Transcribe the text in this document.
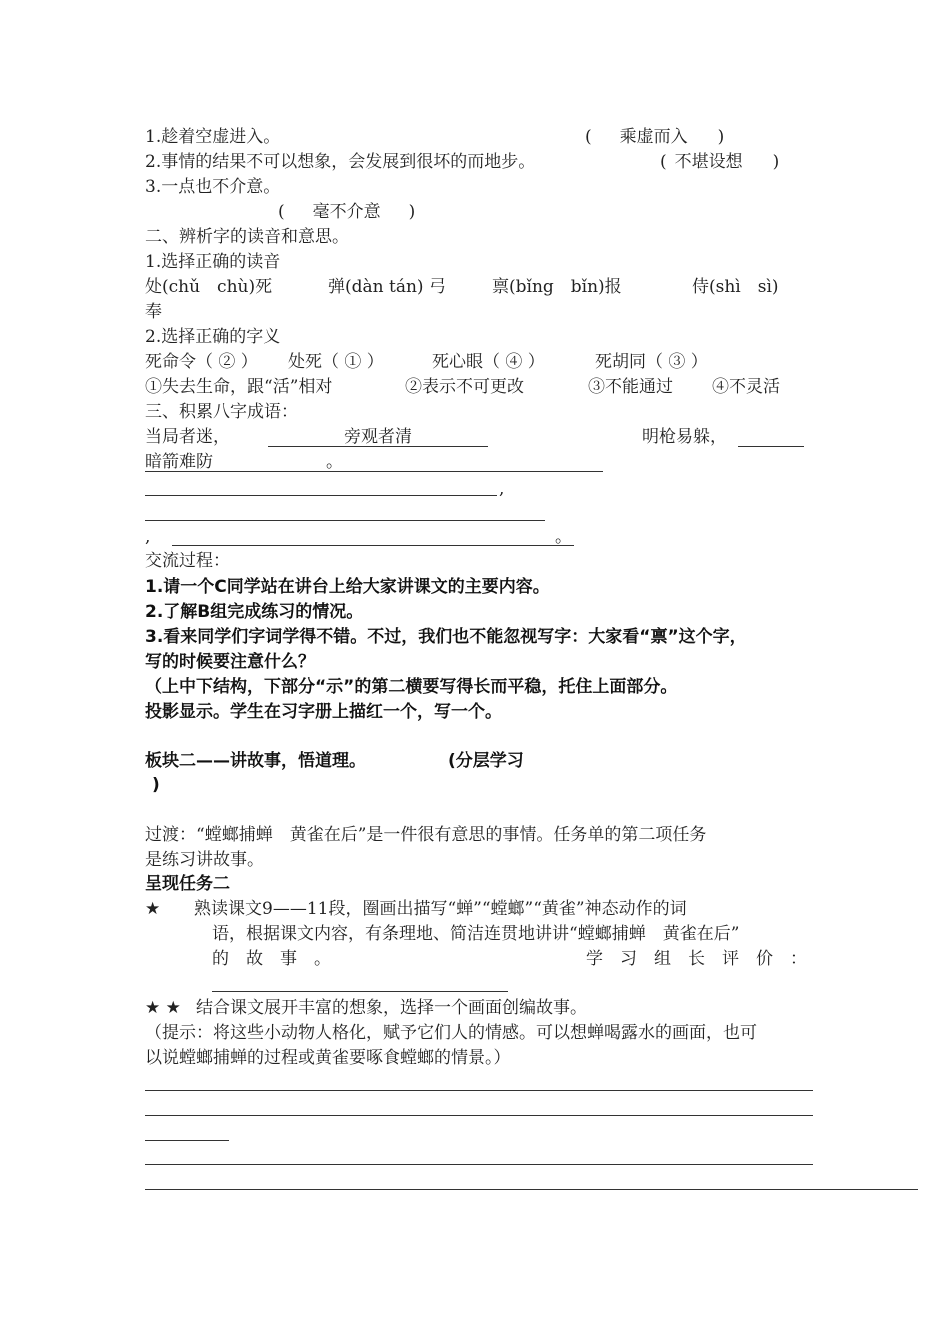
1.趁着空虚进入。	( 乘虚而入 )
2.事情的结果不可以想象，会发展到很坏的而地步。	( 不堪设想 )
3.一点也不介意。
( 毫不介意 )
二、辨析字的读音和意思。
1.选择正确的读音
处(chǔ　chù)死	弹(dàn tán) 弓	禀(bǐng　bǐn)报	侍(shì　sì)
奉
2.选择正确的字义
死命令（ ② ） 处死（ ① ）	死心眼（ ④ ）	死胡同（ ③ ）
①失去生命，跟“活”相对	②表示不可更改	③不能通过 ④不灵活
三、积累八字成语：
当局者迷，	旁观者清	明枪易躲，
暗箭难防	。
,
,	。
交流过程：
1.请一个C同学站在讲台上给大家讲课文的主要内容。
2.了解B组完成练习的情况。
3.看来同学们字词学得不错。不过，我们也不能忽视写字：大家看“禀”这个字，
写的时候要注意什么？
（上中下结构，下部分“示”的第二横要写得长而平稳，托住上面部分。
投影显示。学生在习字册上描红一个，写一个。
板块二——讲故事，悟道理。	(分层学习
)
过渡：“螳螂捕蝉　黄雀在后”是一件很有意思的事情。任务单的第二项任务
是练习讲故事。
呈现任务二
★ 熟读课文9——11段，圈画出描写“蝉”“螳螂”“黄雀”神态动作的词
语，根据课文内容，有条理地、简洁连贯地讲讲“螳螂捕蝉　黄雀在后”
的　故　事　。	学　习　组　长　评　价　：
★ ★ 结合课文展开丰富的想象，选择一个画面创编故事。
（提示：将这些小动物人格化，赋予它们人的情感。可以想蝉喝露水的画面，也可
以说螳螂捕蝉的过程或黄雀要啄食螳螂的情景。）
